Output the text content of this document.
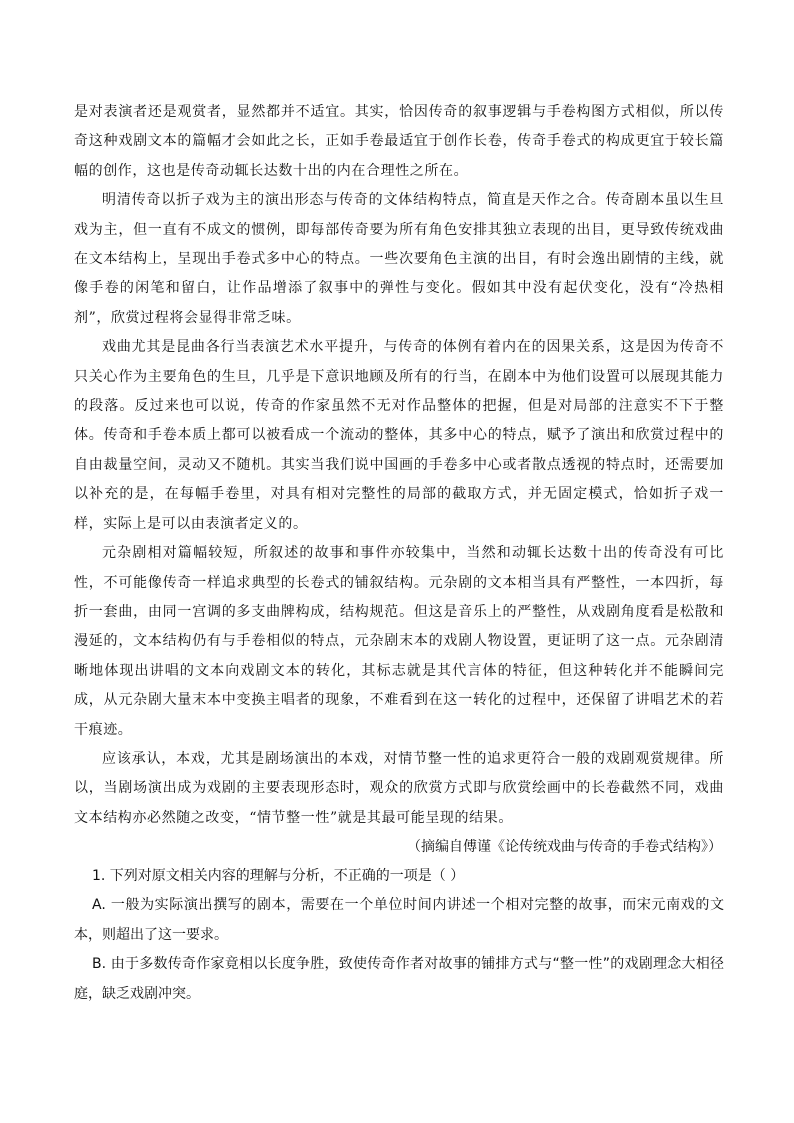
是对表演者还是观赏者，显然都并不适宜。其实，恰因传奇的叙事逻辑与手卷构图方式相似，所以传奇这种戏剧文本的篇幅才会如此之长，正如手卷最适宜于创作长卷，传奇手卷式的构成更宜于较长篇幅的创作，这也是传奇动辄长达数十出的内在合理性之所在。

明清传奇以折子戏为主的演出形态与传奇的文体结构特点，简直是天作之合。传奇剧本虽以生旦戏为主，但一直有不成文的惯例，即每部传奇要为所有角色安排其独立表现的出目，更导致传统戏曲在文本结构上，呈现出手卷式多中心的特点。一些次要角色主演的出目，有时会逸出剧情的主线，就像手卷的闲笔和留白，让作品增添了叙事中的弹性与变化。假如其中没有起伏变化，没有“冷热相剂”，欣赏过程将会显得非常乏味。

戏曲尤其是昆曲各行当表演艺术水平提升，与传奇的体例有着内在的因果关系，这是因为传奇不只关心作为主要角色的生旦，几乎是下意识地顾及所有的行当，在剧本中为他们设置可以展现其能力的段落。反过来也可以说，传奇的作家虽然不无对作品整体的把握，但是对局部的注意实不下于整体。传奇和手卷本质上都可以被看成一个流动的整体，其多中心的特点，赋予了演出和欣赏过程中的自由裁量空间，灵动又不随机。其实当我们说中国画的手卷多中心或者散点透视的特点时，还需要加以补充的是，在每幅手卷里，对具有相对完整性的局部的截取方式，并无固定模式，恰如折子戏一样，实际上是可以由表演者定义的。

元杂剧相对篇幅较短，所叙述的故事和事件亦较集中，当然和动辄长达数十出的传奇没有可比性，不可能像传奇一样追求典型的长卷式的铺叙结构。元杂剧的文本相当具有严整性，一本四折，每折一套曲，由同一宫调的多支曲牌构成，结构规范。但这是音乐上的严整性，从戏剧角度看是松散和漫延的，文本结构仍有与手卷相似的特点，元杂剧末本的戏剧人物设置，更证明了这一点。元杂剧清晰地体现出讲唱的文本向戏剧文本的转化，其标志就是其代言体的特征，但这种转化并不能瞬间完成，从元杂剧大量末本中变换主唱者的现象，不难看到在这一转化的过程中，还保留了讲唱艺术的若干痕迹。

应该承认，本戏，尤其是剧场演出的本戏，对情节整一性的追求更符合一般的戏剧观赏规律。所以，当剧场演出成为戏剧的主要表现形态时，观众的欣赏方式即与欣赏绘画中的长卷截然不同，戏曲文本结构亦必然随之改变，“情节整一性”就是其最可能呈现的结果。

（摘编自傅谨《论传统戏曲与传奇的手卷式结构》）

1. 下列对原文相关内容的理解与分析，不正确的一项是（ ）

A. 一般为实际演出撰写的剧本，需要在一个单位时间内讲述一个相对完整的故事，而宋元南戏的文本，则超出了这一要求。

B. 由于多数传奇作家竟相以长度争胜，致使传奇作者对故事的铺排方式与“整一性”的戏剧理念大相径庭，缺乏戏剧冲突。
